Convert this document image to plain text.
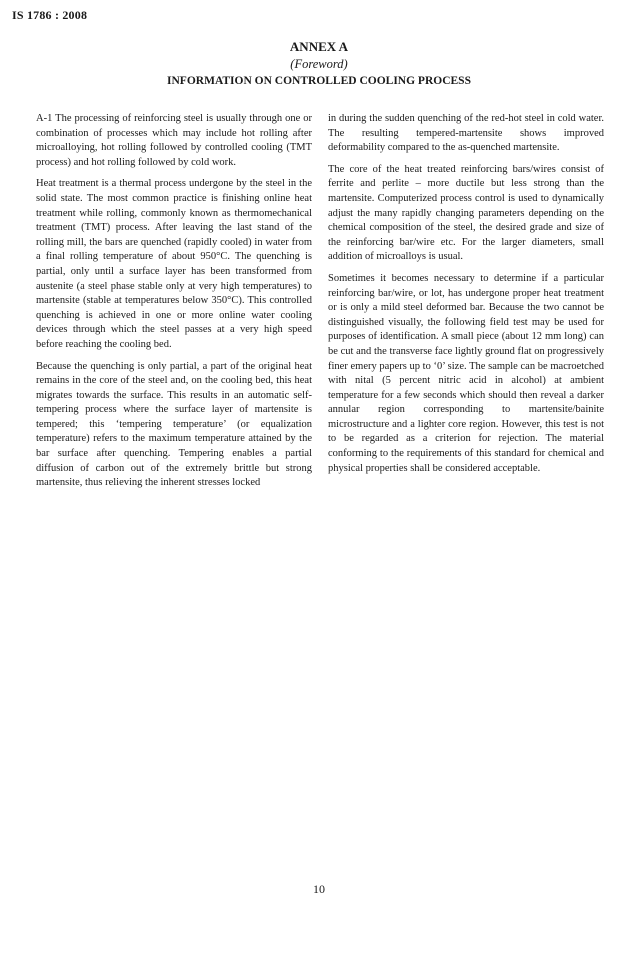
IS 1786 : 2008
ANNEX A
(Foreword)
INFORMATION ON CONTROLLED COOLING PROCESS

A-1 The processing of reinforcing steel is usually through one or combination of processes which may include hot rolling after microalloying, hot rolling followed by controlled cooling (TMT process) and hot rolling followed by cold work.

Heat treatment is a thermal process undergone by the steel in the solid state. The most common practice is finishing online heat treatment while rolling, commonly known as thermomechanical treatment (TMT) process. After leaving the last stand of the rolling mill, the bars are quenched (rapidly cooled) in water from a final rolling temperature of about 950°C. The quenching is partial, only until a surface layer has been transformed from austenite (a steel phase stable only at very high temperatures) to martensite (stable at temperatures below 350°C). This controlled quenching is achieved in one or more online water cooling devices through which the steel passes at a very high speed before reaching the cooling bed.

Because the quenching is only partial, a part of the original heat remains in the core of the steel and, on the cooling bed, this heat migrates towards the surface. This results in an automatic self-tempering process where the surface layer of martensite is tempered; this ‘tempering temperature’ (or equalization temperature) refers to the maximum temperature attained by the bar surface after quenching. Tempering enables a partial diffusion of carbon out of the extremely brittle but strong martensite, thus relieving the inherent stresses locked

in during the sudden quenching of the red-hot steel in cold water. The resulting tempered-martensite shows improved deformability compared to the as-quenched martensite.

The core of the heat treated reinforcing bars/wires consist of ferrite and perlite – more ductile but less strong than the martensite. Computerized process control is used to dynamically adjust the many rapidly changing parameters depending on the chemical composition of the steel, the desired grade and size of the reinforcing bar/wire etc. For the larger diameters, small addition of microalloys is usual.

Sometimes it becomes necessary to determine if a particular reinforcing bar/wire, or lot, has undergone proper heat treatment or is only a mild steel deformed bar. Because the two cannot be distinguished visually, the following field test may be used for purposes of identification. A small piece (about 12 mm long) can be cut and the transverse face lightly ground flat on progressively finer emery papers up to ‘0’ size. The sample can be macroetched with nital (5 percent nitric acid in alcohol) at ambient temperature for a few seconds which should then reveal a darker annular region corresponding to martensite/bainite microstructure and a lighter core region. However, this test is not to be regarded as a criterion for rejection. The material conforming to the requirements of this standard for chemical and physical properties shall be considered acceptable.

10
